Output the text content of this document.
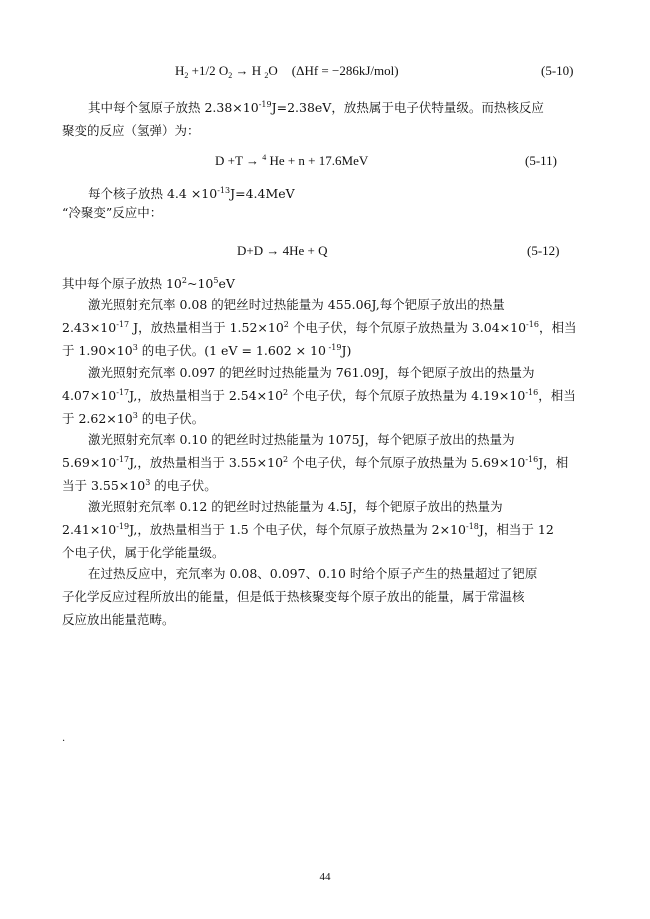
$H_2 +1/2$ $O_2 \to H$ $_2$O (ΔHf = −286kJ/mol)	(5-10)
其中每个氢原子放热 $2.38\times 10^{-19}J=2.38eV$，放热属于电子伏特量级。而热核反应
聚变的反应（氢弹）为：
D +T → $^4$ He + n + 17.6MeV	(5-11)
每个核子放热 $4.4 \times 10^{-13}J=4.4MeV$
“冷聚变”反应中：
D+D → 4He + Q	(5-12)
其中每个原子放热 $10^2\sim 10^5eV$
激光照射充氘率 0.08 的钯丝时过热能量为 455.06J,每个钯原子放出的热量
$2.43\times 10^{-17}$ J，放热量相当于 $1.52\times 10^2$ 个电子伏，每个氘原子放热量为 $3.04\times 10^{-16}$，相当
于 $1.90\times 10^3$ 的电子伏。(1 eV = 1.602 × 10 $^{-19}$J)
激光照射充氘率 0.097 的钯丝时过热能量为 761.09J，每个钯原子放出的热量为
$4.07\times 10^{-17}J$,，放热量相当于 $2.54\times 10^2$ 个电子伏，每个氘原子放热量为 $4.19\times 10^{-16}$，相当
于 $2.62\times 10^3$ 的电子伏。
激光照射充氘率 0.10 的钯丝时过热能量为 1075J，每个钯原子放出的热量为
$5.69\times 10^{-17}J$,，放热量相当于 $3.55\times 10^2$ 个电子伏，每个氘原子放热量为 $5.69\times 10^{-16}J$，相
当于 $3.55\times 10^3$ 的电子伏。
激光照射充氘率 0.12 的钯丝时过热能量为 4.5J，每个钯原子放出的热量为
$2.41\times 10^{-19}J$,，放热量相当于 1.5 个电子伏，每个氘原子放热量为 $2\times 10^{-18}J$，相当于 12
个电子伏，属于化学能量级。
在过热反应中，充氘率为 0.08、0.097、0.10 时给个原子产生的热量超过了钯原
子化学反应过程所放出的能量，但是低于热核聚变每个原子放出的能量，属于常温核
反应放出能量范畴。
.
44
